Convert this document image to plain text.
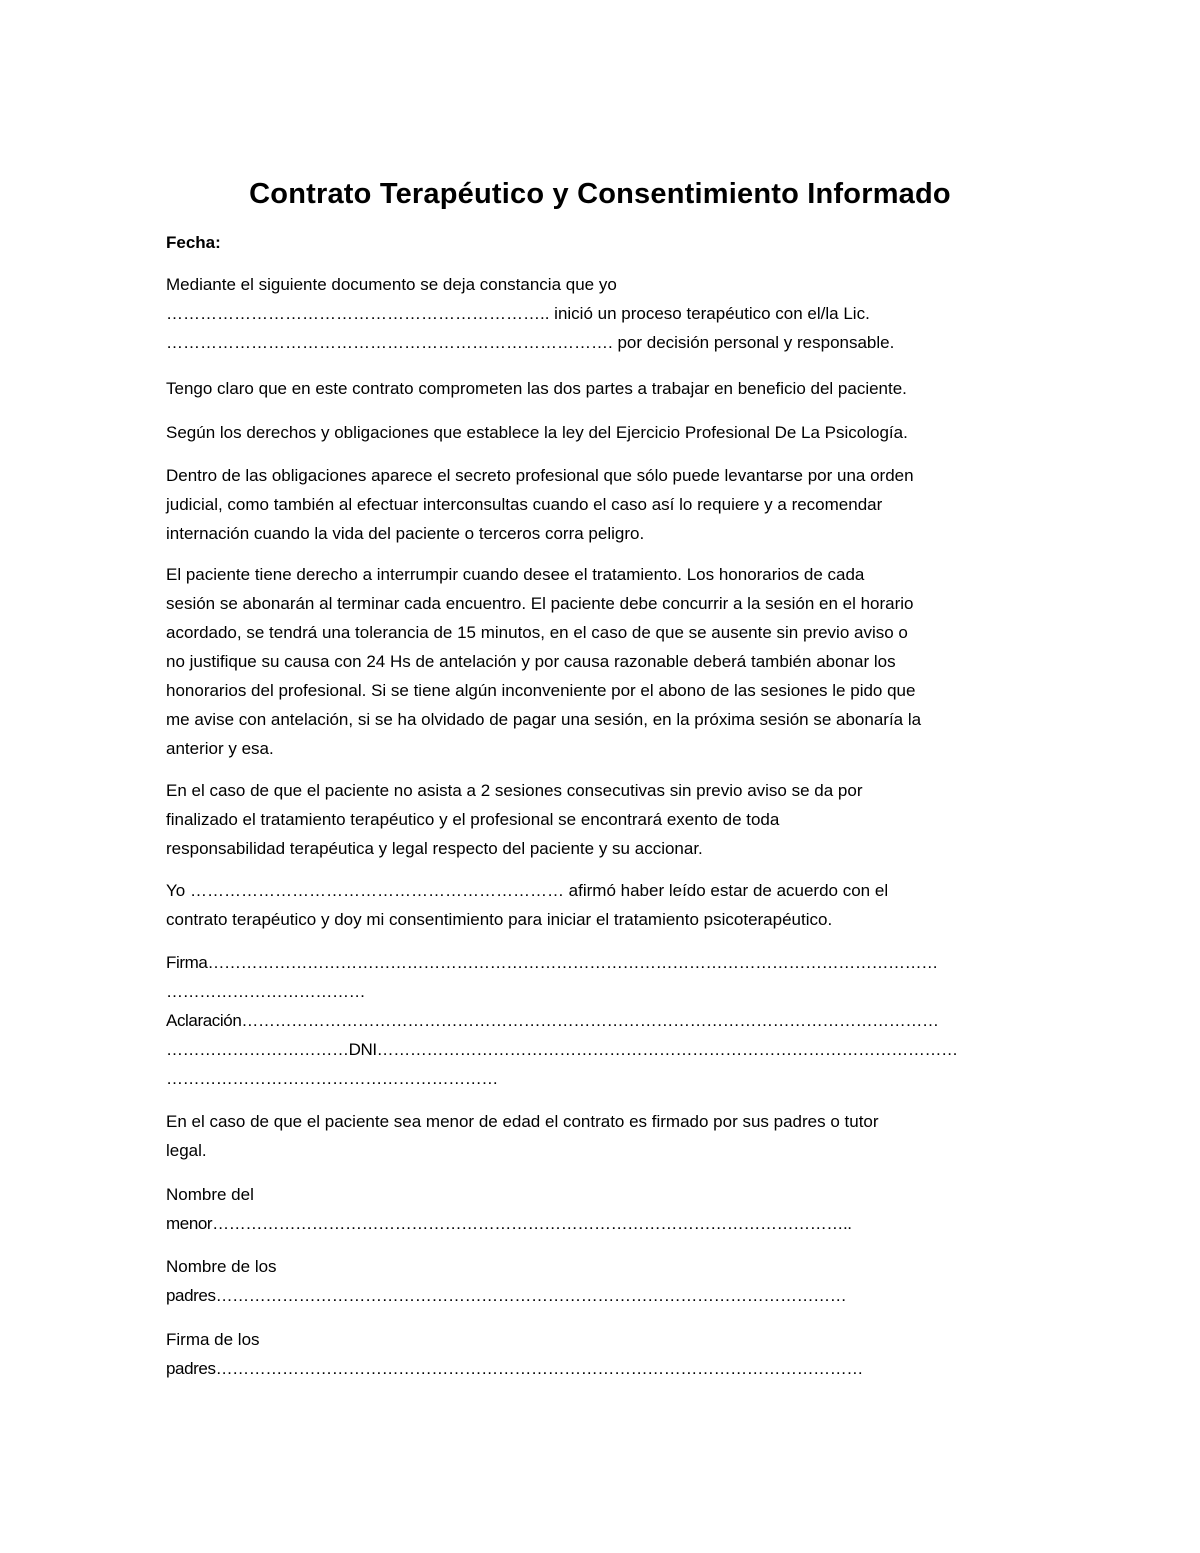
Contrato Terapéutico y Consentimiento Informado

Fecha:

Mediante el siguiente documento se deja constancia que yo

………………………………………………………….. inició un proceso terapéutico con el/la Lic.

……………………………………………………………………. por decisión personal y responsable.

Tengo claro que en este contrato comprometen las dos partes a trabajar en beneficio del paciente.

Según los derechos y obligaciones que establece la ley del Ejercicio Profesional De La Psicología.

Dentro de las obligaciones aparece el secreto profesional que sólo puede levantarse por una orden

judicial, como también al efectuar interconsultas cuando el caso así lo requiere y a recomendar

internación cuando la vida del paciente o terceros corra peligro.

El paciente tiene derecho a interrumpir cuando desee el tratamiento. Los honorarios de cada

sesión se abonarán al terminar cada encuentro. El paciente debe concurrir a la sesión en el horario

acordado, se tendrá una tolerancia de 15 minutos, en el caso de que se ausente sin previo aviso o

no justifique su causa con 24 Hs de antelación y por causa razonable deberá también abonar los

honorarios del profesional. Si se tiene algún inconveniente por el abono de las sesiones le pido que

me avise con antelación, si se ha olvidado de pagar una sesión, en la próxima sesión se abonaría la

anterior y esa.

En el caso de que el paciente no asista a 2 sesiones consecutivas sin previo aviso se da por

finalizado el tratamiento terapéutico y el profesional se encontrará exento de toda

responsabilidad terapéutica y legal respecto del paciente y su accionar.

Yo ………………………………………………………… afirmó haber leído estar de acuerdo con el

contrato terapéutico y doy mi consentimiento para iniciar el tratamiento psicoterapéutico.

Firma……………………………………………………………………………………………………………………

………………………………

Aclaración………………………………………………………………………………………………………………

……………………………DNI……………………………………………………………………………………………

……………………………………………………

En el caso de que el paciente sea menor de edad el contrato es firmado por sus padres o tutor

legal.

Nombre del

menor……………………………………………………………………………………………………..

Nombre de los

padres……………………………………………………………………………………………………

Firma de los

padres………………………………………………………………………………………………………
